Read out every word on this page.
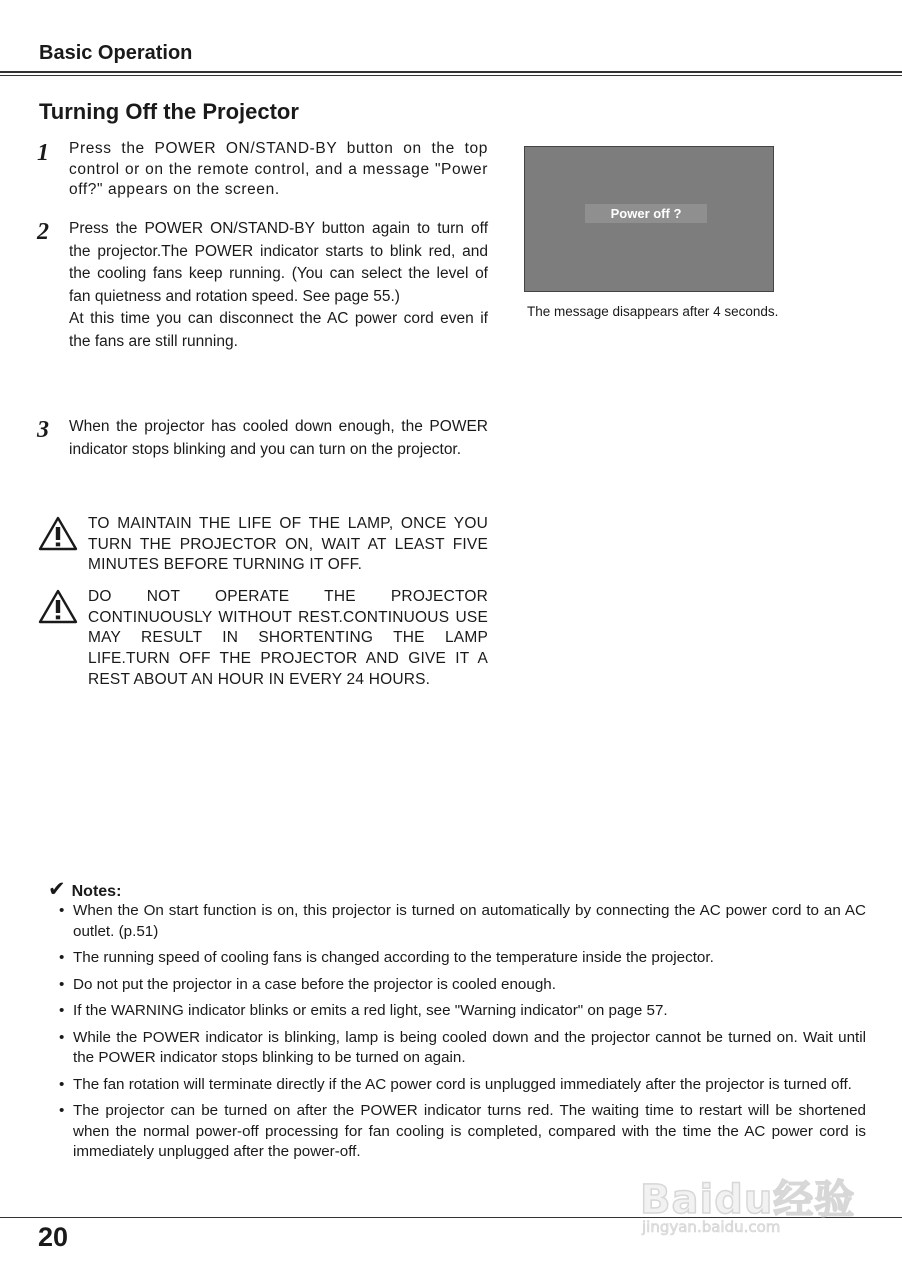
Basic Operation
Turning Off the Projector
1 Press the POWER ON/STAND-BY button on the top control or on the remote control, and a message "Power off?" appears on the screen.
2 Press the POWER ON/STAND-BY button again to turn off the projector.The POWER indicator starts to blink red, and the cooling fans keep running. (You can select the level of fan quietness and rotation speed. See page 55.)
At this time you can disconnect the AC power cord even if the fans are still running.
3 When the projector has cooled down enough, the POWER indicator stops blinking and you can turn on the projector.
TO MAINTAIN THE LIFE OF THE LAMP, ONCE YOU TURN THE PROJECTOR ON, WAIT AT LEAST FIVE MINUTES BEFORE TURNING IT OFF.
DO NOT OPERATE THE PROJECTOR CONTINUOUSLY WITHOUT REST.CONTINUOUS USE MAY RESULT IN SHORTENTING THE LAMP LIFE.TURN OFF THE PROJECTOR AND GIVE IT A REST ABOUT AN HOUR IN EVERY 24 HOURS.
Power off ?
The message disappears after 4 seconds.
✔ Notes:
• When the On start function is on, this projector is turned on automatically by connecting the AC power cord to an AC outlet. (p.51)
• The running speed of cooling fans is changed according to the temperature inside the projector.
• Do not put the projector in a case before the projector is cooled enough.
• If the WARNING indicator blinks or emits a red light, see "Warning indicator" on page 57.
• While the POWER indicator is blinking, lamp is being cooled down and the projector cannot be turned on. Wait until the POWER indicator stops blinking to be turned on again.
• The fan rotation will terminate directly if the AC power cord is unplugged immediately after the projector is turned off.
• The projector can be turned on after the POWER indicator turns red. The waiting time to restart will be shortened when the normal power-off processing for fan cooling is completed, compared with the time the AC power cord is immediately unplugged after the power-off.
20
Baidu经验
jingyan.baidu.com
